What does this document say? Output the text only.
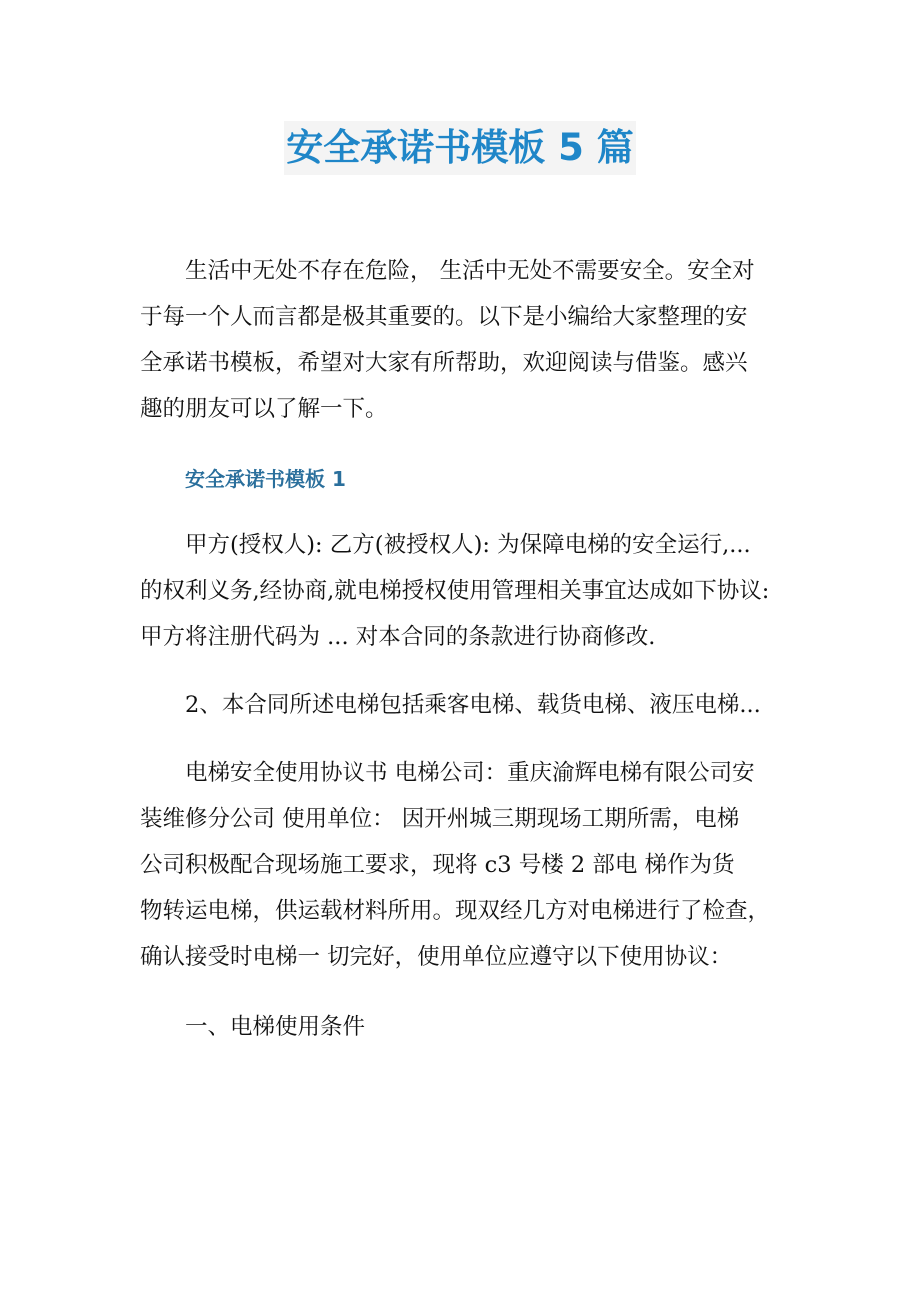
安全承诺书模板 5 篇

生活中无处不存在危险， 生活中无处不需要安全。安全对

于每一个人而言都是极其重要的。以下是小编给大家整理的安

全承诺书模板，希望对大家有所帮助，欢迎阅读与借鉴。感兴

趣的朋友可以了解一下。

安全承诺书模板 1

甲方(授权人): 乙方(被授权人): 为保障电梯的安全运行,...

的权利义务,经协商,就电梯授权使用管理相关事宜达成如下协议:

甲方将注册代码为 ... 对本合同的条款进行协商修改.

2、本合同所述电梯包括乘客电梯、载货电梯、液压电梯...

电梯安全使用协议书 电梯公司：重庆渝辉电梯有限公司安

装维修分公司 使用单位： 因开州城三期现场工期所需，电梯

公司积极配合现场施工要求，现将 c3 号楼 2 部电 梯作为货

物转运电梯，供运载材料所用。现双经几方对电梯进行了检查，

确认接受时电梯一 切完好，使用单位应遵守以下使用协议：

一、电梯使用条件
